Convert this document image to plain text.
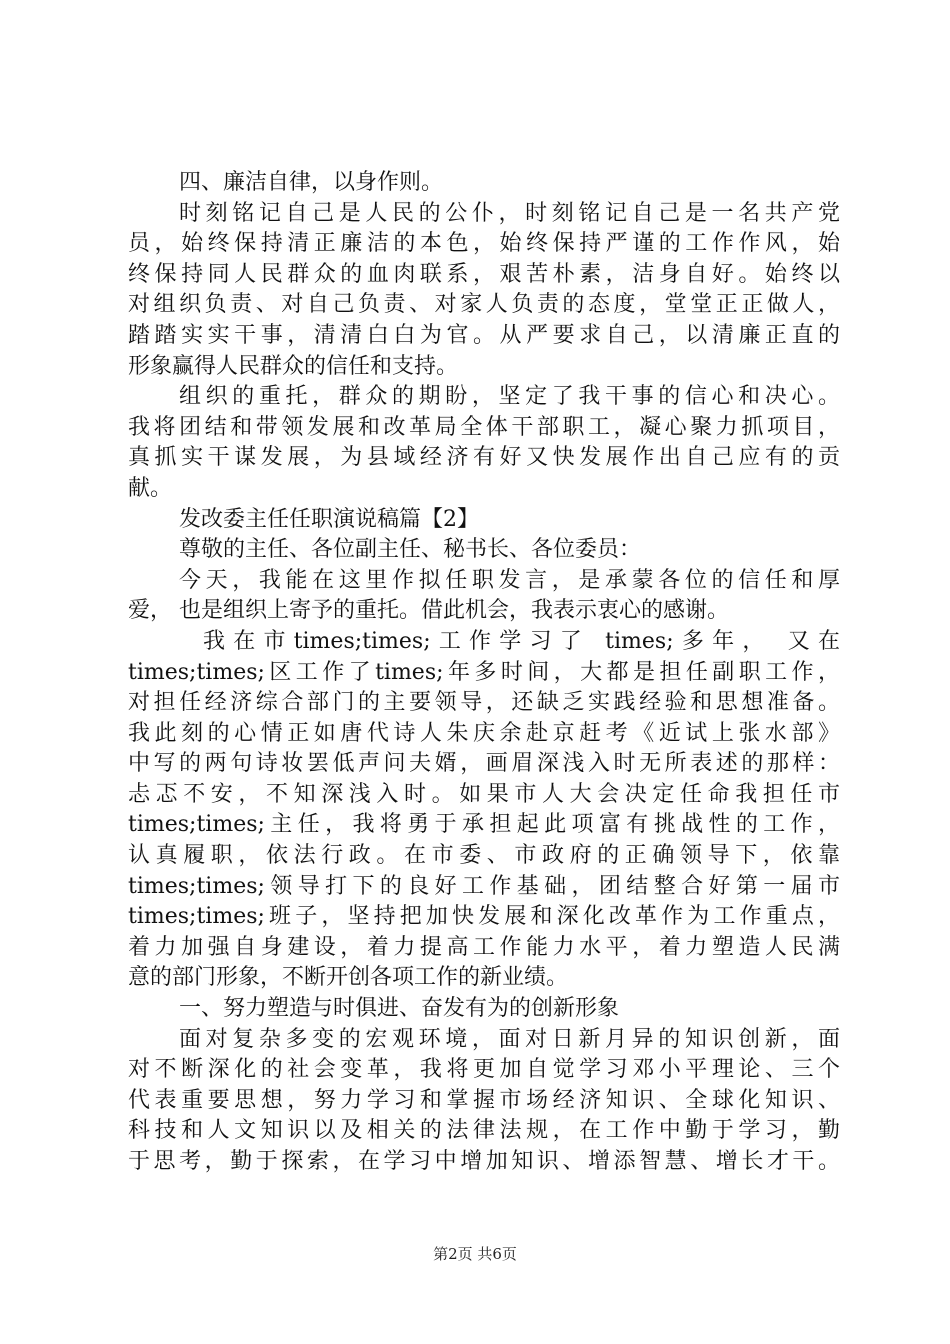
四、廉洁自律，以身作则。
时刻铭记自己是人民的公仆，时刻铭记自己是一名共产党
员，始终保持清正廉洁的本色，始终保持严谨的工作作风，始
终保持同人民群众的血肉联系，艰苦朴素，洁身自好。始终以
对组织负责、对自己负责、对家人负责的态度，堂堂正正做人，
踏踏实实干事，清清白白为官。从严要求自己，以清廉正直的
形象赢得人民群众的信任和支持。
组织的重托，群众的期盼，坚定了我干事的信心和决心。
我将团结和带领发展和改革局全体干部职工，凝心聚力抓项目，
真抓实干谋发展，为县域经济有好又快发展作出自己应有的贡
献。
发改委主任任职演说稿篇【2】
尊敬的主任、各位副主任、秘书长、各位委员：
今天，我能在这里作拟任职发言，是承蒙各位的信任和厚
爱， 也是组织上寄予的重托。借此机会，我表示衷心的感谢。
我在市times;times;工作学习了 times;多年， 又在
times;times;区工作了times;年多时间，大都是担任副职工作，
对担任经济综合部门的主要领导，还缺乏实践经验和思想准备。
我此刻的心情正如唐代诗人朱庆余赴京赶考《近试上张水部》
中写的两句诗妆罢低声问夫婿，画眉深浅入时无所表述的那样：
忐忑不安，不知深浅入时。如果市人大会决定任命我担任市
times;times;主任，我将勇于承担起此项富有挑战性的工作，
认真履职，依法行政。在市委、市政府的正确领导下，依靠
times;times;领导打下的良好工作基础，团结整合好第一届市
times;times;班子，坚持把加快发展和深化改革作为工作重点，
着力加强自身建设，着力提高工作能力水平，着力塑造人民满
意的部门形象，不断开创各项工作的新业绩。
一、努力塑造与时俱进、奋发有为的创新形象
面对复杂多变的宏观环境，面对日新月异的知识创新，面
对不断深化的社会变革，我将更加自觉学习邓小平理论、三个
代表重要思想，努力学习和掌握市场经济知识、全球化知识、
科技和人文知识以及相关的法律法规，在工作中勤于学习，勤
于思考，勤于探索，在学习中增加知识、增添智慧、增长才干。
第2页 共6页
